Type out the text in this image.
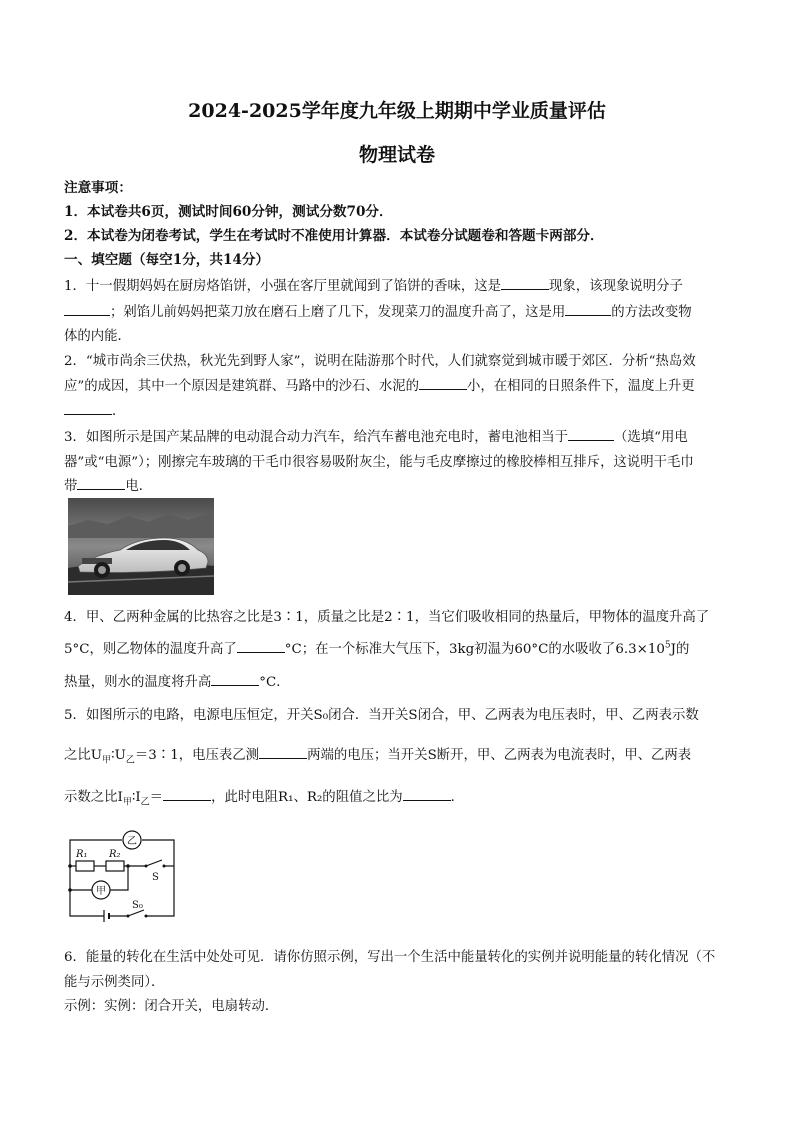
2024-2025学年度九年级上期期中学业质量评估
物理试卷
注意事项：
1．本试卷共6页，测试时间60分钟，测试分数70分．
2．本试卷为闭卷考试，学生在考试时不准使用计算器．本试卷分试题卷和答题卡两部分．
一、填空题（每空1分，共14分）
1．十一假期妈妈在厨房烙馅饼，小强在客厅里就闻到了馅饼的香味，这是	现象，该现象说明分子
；剁馅儿前妈妈把菜刀放在磨石上磨了几下，发现菜刀的温度升高了，这是用	的方法改变物
体的内能．
2．“城市尚余三伏热，秋光先到野人家”，说明在陆游那个时代，人们就察觉到城市暖于郊区．分析“热岛效
应”的成因，其中一个原因是建筑群、马路中的沙石、水泥的	小，在相同的日照条件下，温度上升更
．
3．如图所示是国产某品牌的电动混合动力汽车，给汽车蓄电池充电时，蓄电池相当于	（选填“用电
器”或“电源”）；刚擦完车玻璃的干毛巾很容易吸附灰尘，能与毛皮摩擦过的橡胶棒相互排斥，这说明干毛巾
带	电．
4．甲、乙两种金属的比热容之比是3∶1，质量之比是2∶1，当它们吸收相同的热量后，甲物体的温度升高了
5°C，则乙物体的温度升高了	°C；在一个标准大气压下，3kg初温为60°C的水吸收了$6.3\times 10^5J$的
热量，则水的温度将升高	°C．
5．如图所示的电路，电源电压恒定，开关S₀闭合．当开关S闭合，甲、乙两表为电压表时，甲、乙两表示数
之比$U_甲∶U_乙=3∶1$，电压表乙测	两端的电压；当开关S断开，甲、乙两表为电流表时，甲、乙两表
示数之比$I_甲∶I_乙=$	，此时电阻R₁、R₂的阻值之比为	．
乙
甲
R₁ R₂
S
S₀
6．能量的转化在生活中处处可见．请你仿照示例，写出一个生活中能量转化的实例并说明能量的转化情况（不
能与示例类同）．
示例：实例：闭合开关，电扇转动．
